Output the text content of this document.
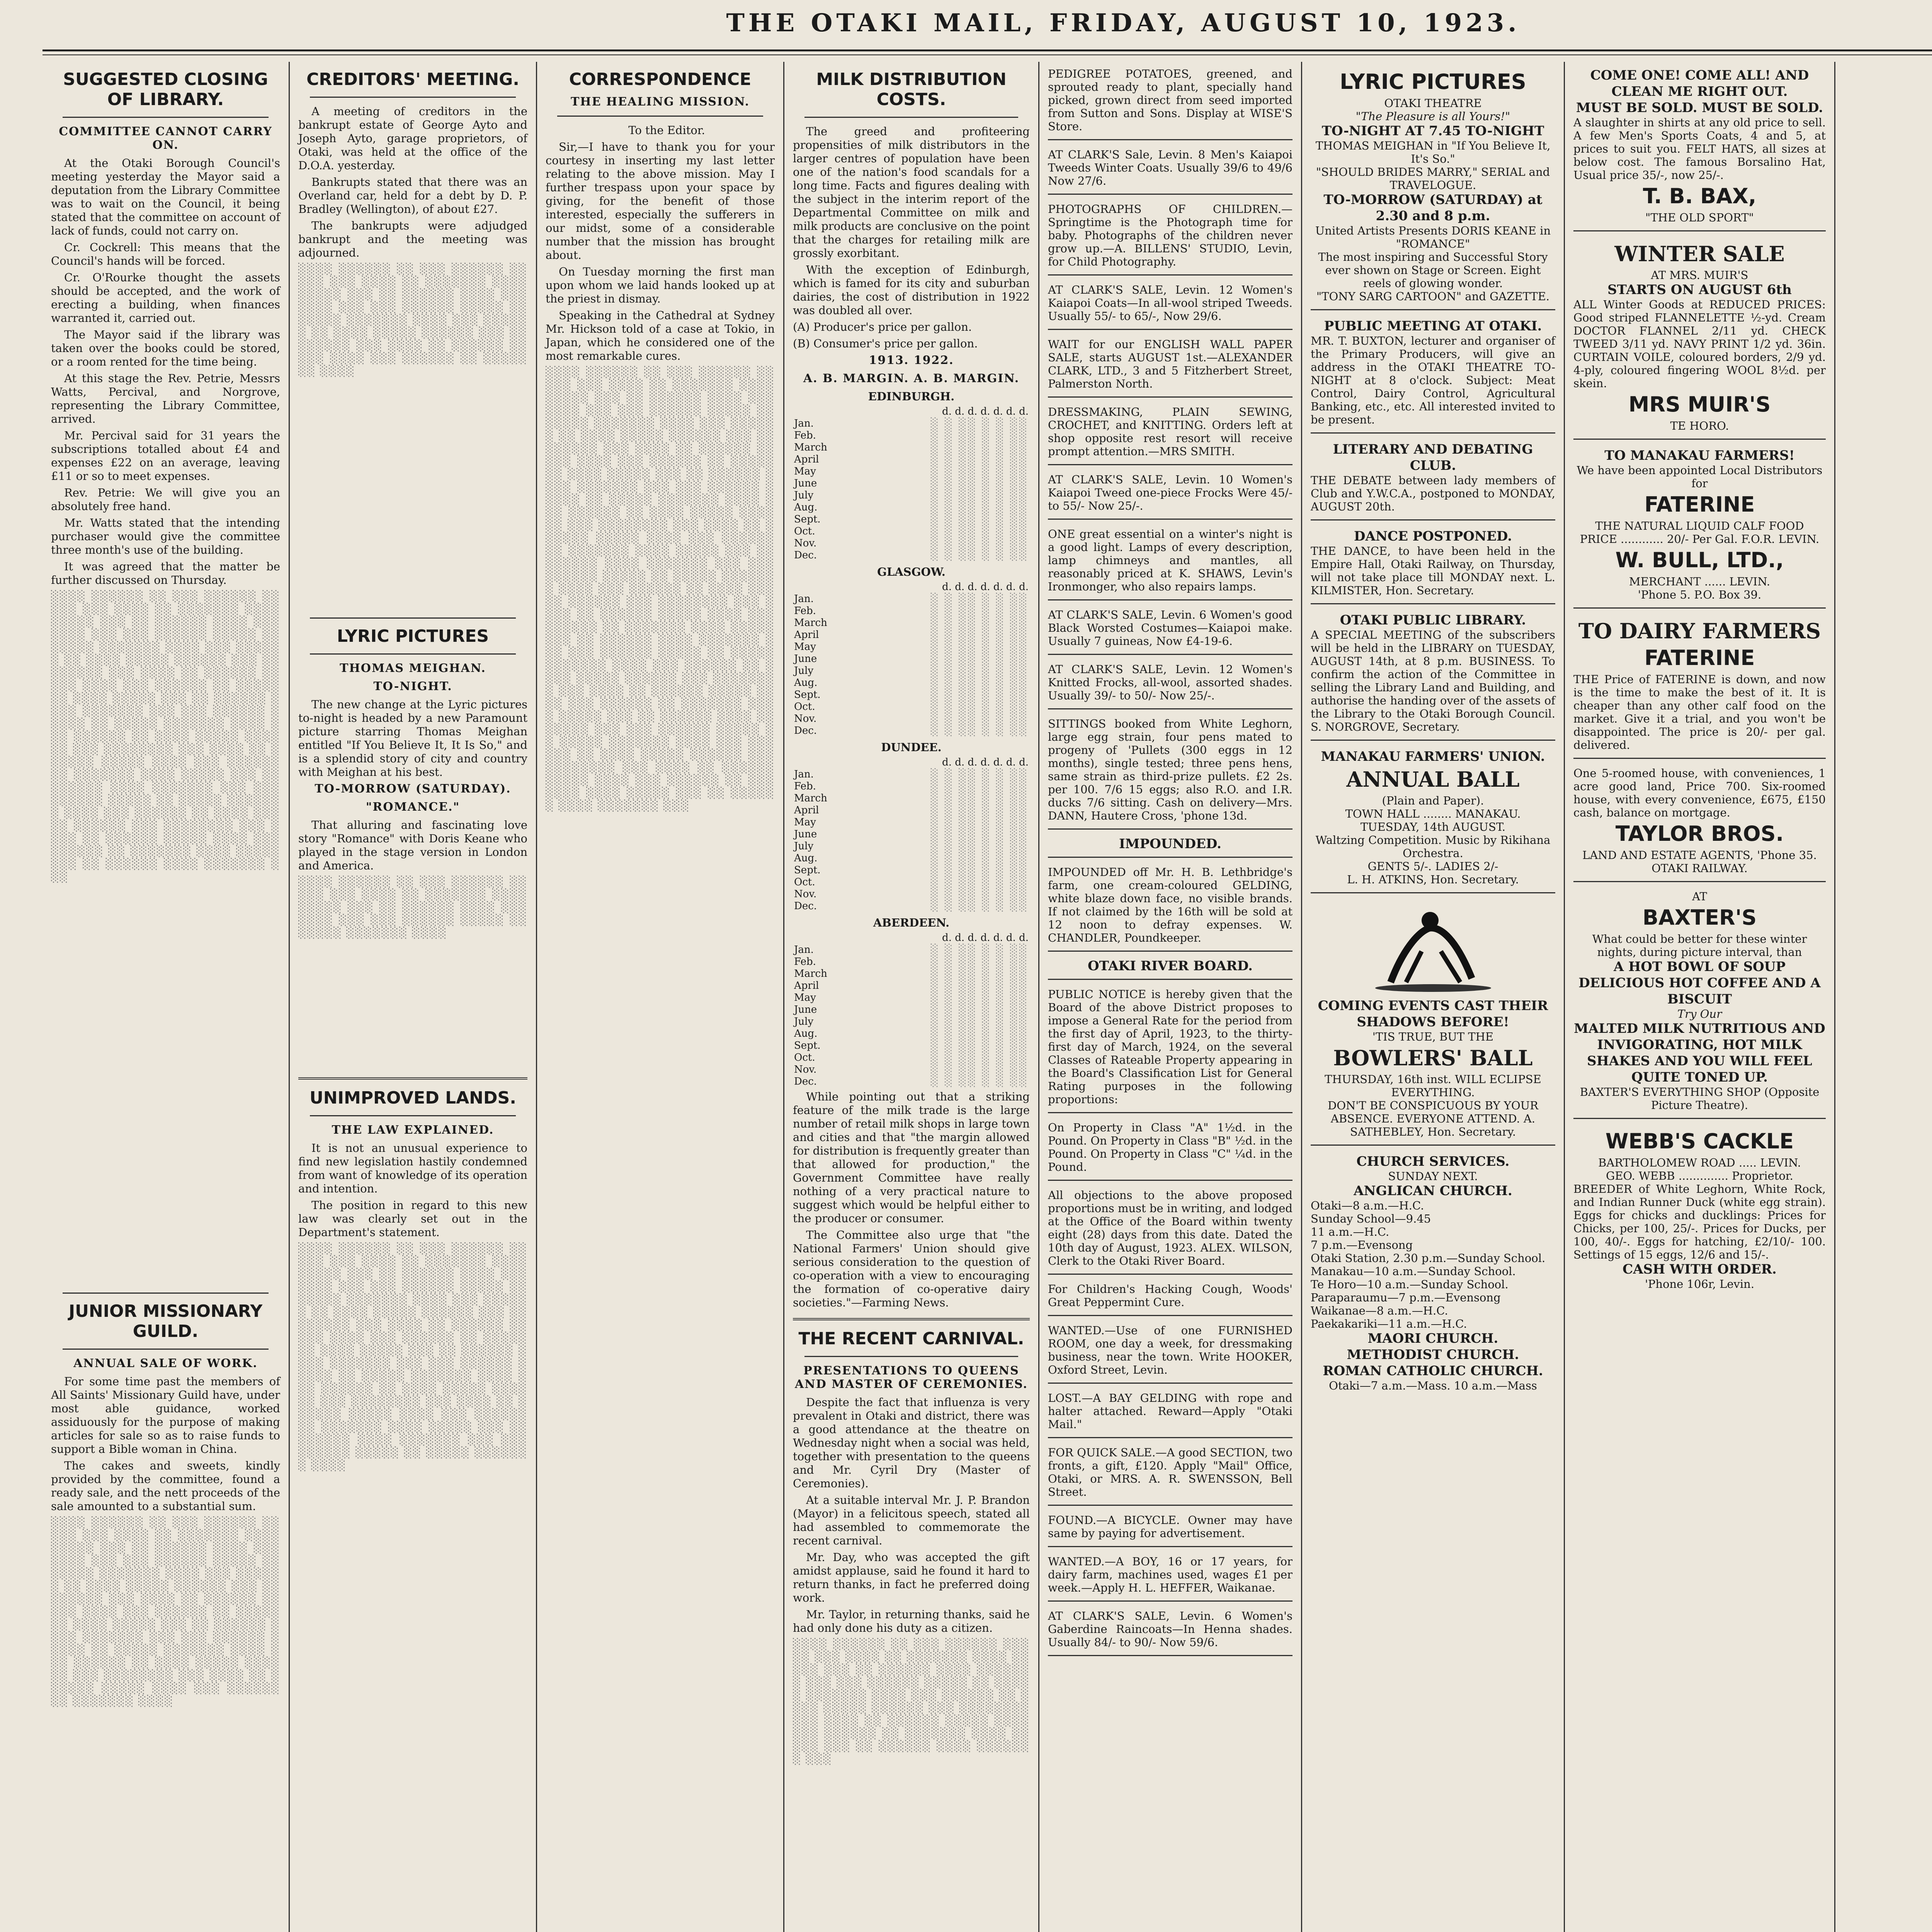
THE OTAKI MAIL, FRIDAY, AUGUST 10, 1923.
SUGGESTED CLOSING OF LIBRARY.
COMMITTEE CANNOT CARRY ON.

At the Otaki Borough Council's meeting yesterday the Mayor said a deputation from the Library Committee was to wait on the Council, it being stated that the committee on account of lack of funds, could not carry on.

Cr. Cockrell: This means that the Council's hands will be forced.

Cr. O'Rourke thought the assets should be accepted, and the work of erecting a building, when finances warranted it, carried out.

The Mayor said if the library was taken over the books could be stored, or a room rented for the time being.

At this stage the Rev. Petrie, Messrs Watts, Percival, and Norgrove, representing the Library Committee, arrived.

Mr. Percival said for 31 years the subscriptions totalled about £4 and expenses £22 on an average, leaving £11 or so to meet expenses.

Rev. Petrie: We will give you an absolutely free hand.

Mr. Watts stated that the intending purchaser would give the committee three month's use of the building.

It was agreed that the matter be further discussed on Thursday.

░░░░ ░░░░░░ ░░ ░░░ ░░░░░░ ░░░░░ ░░░ ░░░░ ░░ ░░░░░░░ ░░░░ ░░░░░ ░░░ ░░ ░░░░░░ ░░░░ ░░░░░░░ ░░░ ░░░ ░░░░░░ ░░░░░ ░░ ░░░░░ ░░░░░░░ ░░░░ ░░░ ░░░░░░ ░░ ░░░░ ░░░░░ ░░░░░░ ░░░ ░░░░░░░░ ░░░ ░░░░ ░░ ░░░░░░ ░░░░░ ░░░░ ░░░ ░░░░░░ ░░ ░░░░░░░ ░░░░ ░░░░░ ░░░ ░░ ░░░░░░ ░░░░ ░░░░░░░ ░░░ ░░░ ░░░░░░ ░░░░░ ░░ ░░░░░ ░░░░░░░ ░░░░ ░░░ ░░░░░░ ░░ ░░░░ ░░░░░ ░░░░░░ ░░░ ░░░░░░░░ ░░░ ░░░░ ░░ ░░░░░░ ░░░░░ ░░░░ ░░░ ░░░░░░ ░░ ░░░░░░░ ░░░░ ░░░░░ ░░░ ░░ ░░░░░░ ░░░░ ░░░░░░░ ░░░ ░░░ ░░░░░░ ░░░░░ ░░ ░░░░░ ░░░░░░░ ░░░░ ░░░ ░░░░░░ ░░ ░░░░ ░░░░░ ░░░░░░ ░░░ ░░░░░░░░ ░░░ ░░░░ ░░ ░░░░░░ ░░░░░ ░░░░ ░░░ ░░░░░░ ░░ ░░░░░░░ ░░░░ ░░░░░ ░░░ ░░ ░░░░░░ ░░░░ ░░░░░░░ ░░░
JUNIOR MISSIONARY GUILD.
ANNUAL SALE OF WORK.

For some time past the members of All Saints' Missionary Guild have, under most able guidance, worked assiduously for the purpose of making articles for sale so as to raise funds to support a Bible woman in China.

The cakes and sweets, kindly provided by the committee, found a ready sale, and the nett proceeds of the sale amounted to a substantial sum.

░░░░ ░░░░░░ ░░ ░░░ ░░░░░░ ░░░░░ ░░░ ░░░░ ░░ ░░░░░░░ ░░░░ ░░░░░ ░░░ ░░ ░░░░░░ ░░░░ ░░░░░░░ ░░░ ░░░ ░░░░░░ ░░░░░ ░░ ░░░░░ ░░░░░░░ ░░░░ ░░░ ░░░░░░ ░░ ░░░░ ░░░░░ ░░░░░░ ░░░ ░░░░░░░░ ░░░ ░░░░ ░░ ░░░░░░ ░░░░░ ░░░░ ░░░ ░░░░░░ ░░ ░░░░░░░ ░░░░ ░░░░░ ░░░ ░░ ░░░░░░ ░░░░ ░░░░░░░ ░░░ ░░░ ░░░░░░ ░░░░░ ░░ ░░░░░ ░░░░░░░ ░░░░ ░░░ ░░░░░░ ░░ ░░░░ ░░░░░ ░░░░░░ ░░░ ░░░░░░░░ ░░░ ░░░░ ░░ ░░░░░░ ░░░░░ ░░░░ ░░░ ░░░░░░ ░░ ░░░░░░░ ░░░░

CREDITORS' MEETING.

A meeting of creditors in the bankrupt estate of George Ayto and Joseph Ayto, garage proprietors, of Otaki, was held at the office of the D.O.A. yesterday.

Bankrupts stated that there was an Overland car, held for a debt by D. P. Bradley (Wellington), of about £27.

The bankrupts were adjudged bankrupt and the meeting was adjourned.

░░░░ ░░░░░░ ░░ ░░░ ░░░░░░ ░░░░░ ░░░ ░░░░ ░░ ░░░░░░░ ░░░░ ░░░░░ ░░░ ░░ ░░░░░░ ░░░░ ░░░░░░░ ░░░ ░░░ ░░░░░░ ░░░░░ ░░ ░░░░░ ░░░░░░░ ░░░░ ░░░ ░░░░░░ ░░ ░░░░ ░░░░░ ░░░░░░ ░░░ ░░░░░░░░ ░░░ ░░░░ ░░ ░░░░░░ ░░░░░ ░░░░ ░░░ ░░░░░░ ░░ ░░░░░░░ ░░░░
LYRIC PICTURES
THOMAS MEIGHAN.
TO-NIGHT.

The new change at the Lyric pictures to-night is headed by a new Paramount picture starring Thomas Meighan entitled "If You Believe It, It Is So," and is a splendid story of city and country with Meighan at his best.

TO-MORROW (SATURDAY).
"ROMANCE."

That alluring and fascinating love story "Romance" with Doris Keane who played in the stage version in London and America.

░░░░ ░░░░░░ ░░ ░░░ ░░░░░░ ░░░░░ ░░░ ░░░░ ░░ ░░░░░░░ ░░░░ ░░░░░ ░░░ ░░ ░░░░░░ ░░░░ ░░░░░░░ ░░░ ░░░ ░░░░░░ ░░░░░ ░░ ░░░░░ ░░░░░░░ ░░░░
UNIMPROVED LANDS.
THE LAW EXPLAINED.

It is not an unusual experience to find new legislation hastily condemned from want of knowledge of its operation and intention.

The position in regard to this new law was clearly set out in the Department's statement.

░░░░ ░░░░░░ ░░ ░░░ ░░░░░░ ░░░░░ ░░░ ░░░░ ░░ ░░░░░░░ ░░░░ ░░░░░ ░░░ ░░ ░░░░░░ ░░░░ ░░░░░░░ ░░░ ░░░ ░░░░░░ ░░░░░ ░░ ░░░░░ ░░░░░░░ ░░░░ ░░░ ░░░░░░ ░░ ░░░░ ░░░░░ ░░░░░░ ░░░ ░░░░░░░░ ░░░ ░░░░ ░░ ░░░░░░ ░░░░░ ░░░░ ░░░ ░░░░░░ ░░ ░░░░░░░ ░░░░ ░░░░░ ░░░ ░░ ░░░░░░ ░░░░ ░░░░░░░ ░░░ ░░░ ░░░░░░ ░░░░░ ░░ ░░░░░ ░░░░░░░ ░░░░ ░░░ ░░░░░░ ░░ ░░░░ ░░░░░ ░░░░░░ ░░░ ░░░░░░░░ ░░░ ░░░░ ░░ ░░░░░░ ░░░░░ ░░░░ ░░░ ░░░░░░ ░░ ░░░░░░░ ░░░░ ░░░░░ ░░░ ░░ ░░░░░░ ░░░░ ░░░░░░░ ░░░ ░░░ ░░░░░░ ░░░░░ ░░ ░░░░░ ░░░░░░░ ░░░░

CORRESPONDENCE
THE HEALING MISSION.

To the Editor.

Sir,—I have to thank you for your courtesy in inserting my last letter relating to the above mission. May I further trespass upon your space by giving, for the benefit of those interested, especially the sufferers in our midst, some of a considerable number that the mission has brought about.

On Tuesday morning the first man upon whom we laid hands looked up at the priest in dismay.

Speaking in the Cathedral at Sydney Mr. Hickson told of a case at Tokio, in Japan, which he considered one of the most remarkable cures.

░░░░ ░░░░░░ ░░ ░░░ ░░░░░░ ░░░░░ ░░░ ░░░░ ░░ ░░░░░░░ ░░░░ ░░░░░ ░░░ ░░ ░░░░░░ ░░░░ ░░░░░░░ ░░░ ░░░ ░░░░░░ ░░░░░ ░░ ░░░░░ ░░░░░░░ ░░░░ ░░░ ░░░░░░ ░░ ░░░░ ░░░░░ ░░░░░░ ░░░ ░░░░░░░░ ░░░ ░░░░ ░░ ░░░░░░ ░░░░░ ░░░░ ░░░ ░░░░░░ ░░ ░░░░░░░ ░░░░ ░░░░░ ░░░ ░░ ░░░░░░ ░░░░ ░░░░░░░ ░░░ ░░░ ░░░░░░ ░░░░░ ░░ ░░░░░ ░░░░░░░ ░░░░ ░░░ ░░░░░░ ░░ ░░░░ ░░░░░ ░░░░░░ ░░░ ░░░░░░░░ ░░░ ░░░░ ░░ ░░░░░░ ░░░░░ ░░░░ ░░░ ░░░░░░ ░░ ░░░░░░░ ░░░░ ░░░░░ ░░░ ░░ ░░░░░░ ░░░░ ░░░░░░░ ░░░ ░░░ ░░░░░░ ░░░░░ ░░ ░░░░░ ░░░░░░░ ░░░░ ░░░ ░░░░░░ ░░ ░░░░ ░░░░░ ░░░░░░ ░░░ ░░░░░░░░ ░░░ ░░░░ ░░ ░░░░░░ ░░░░░ ░░░░ ░░░ ░░░░░░ ░░ ░░░░░░░ ░░░░ ░░░░░ ░░░ ░░ ░░░░░░ ░░░░ ░░░░░░░ ░░░ ░░░ ░░░░░░ ░░░░░ ░░ ░░░░░ ░░░░░░░ ░░░░ ░░░ ░░░░░░ ░░ ░░░░ ░░░░░ ░░░░░░ ░░░ ░░░░░░░░ ░░░ ░░░░ ░░ ░░░░░░ ░░░░░ ░░░░ ░░░ ░░░░░░ ░░ ░░░░░░░ ░░░░ ░░░░░ ░░░ ░░ ░░░░░░ ░░░░ ░░░░░░░ ░░░ ░░░ ░░░░░░ ░░░░░ ░░ ░░░░░ ░░░░░░░ ░░░░ ░░░ ░░░░░░ ░░ ░░░░ ░░░░░ ░░░░░░ ░░░ ░░░░░░░░ ░░░ ░░░░ ░░ ░░░░░░ ░░░░░ ░░░░ ░░░ ░░░░░░ ░░ ░░░░░░░ ░░░░ ░░░░░ ░░░ ░░ ░░░░░░ ░░░░ ░░░░░░░ ░░░

MILK DISTRIBUTION COSTS.

The greed and profiteering propensities of milk distributors in the larger centres of population have been one of the nation's food scandals for a long time. Facts and figures dealing with the subject in the interim report of the Departmental Committee on milk and milk products are conclusive on the point that the charges for retailing milk are grossly exorbitant.

With the exception of Edinburgh, which is famed for its city and suburban dairies, the cost of distribution in 1922 was doubled all over.

(A) Producer's price per gallon.

(B) Consumer's price per gallon.

1913. 1922.
A. B. MARGIN. A. B. MARGIN.
EDINBURGH.
d. d. d. d. d. d. d.	
Jan.	░ ░ ░░ ░ ░ ░░
Feb.	░ ░ ░░ ░ ░ ░░
March	░ ░ ░░ ░ ░ ░░
April	░ ░ ░░ ░ ░ ░░
May	░ ░ ░░ ░ ░ ░░
June	░ ░ ░░ ░ ░ ░░
July	░ ░ ░░ ░ ░ ░░
Aug.	░ ░ ░░ ░ ░ ░░
Sept.	░ ░ ░░ ░ ░ ░░
Oct.	░ ░ ░░ ░ ░ ░░
Nov.	░ ░ ░░ ░ ░ ░░
Dec.	░ ░ ░░ ░ ░ ░░
GLASGOW.
d. d. d. d. d. d. d.	
Jan.	░ ░ ░░ ░ ░ ░░
Feb.	░ ░ ░░ ░ ░ ░░
March	░ ░ ░░ ░ ░ ░░
April	░ ░ ░░ ░ ░ ░░
May	░ ░ ░░ ░ ░ ░░
June	░ ░ ░░ ░ ░ ░░
July	░ ░ ░░ ░ ░ ░░
Aug.	░ ░ ░░ ░ ░ ░░
Sept.	░ ░ ░░ ░ ░ ░░
Oct.	░ ░ ░░ ░ ░ ░░
Nov.	░ ░ ░░ ░ ░ ░░
Dec.	░ ░ ░░ ░ ░ ░░
DUNDEE.
d. d. d. d. d. d. d.	
Jan.	░ ░ ░░ ░ ░ ░░
Feb.	░ ░ ░░ ░ ░ ░░
March	░ ░ ░░ ░ ░ ░░
April	░ ░ ░░ ░ ░ ░░
May	░ ░ ░░ ░ ░ ░░
June	░ ░ ░░ ░ ░ ░░
July	░ ░ ░░ ░ ░ ░░
Aug.	░ ░ ░░ ░ ░ ░░
Sept.	░ ░ ░░ ░ ░ ░░
Oct.	░ ░ ░░ ░ ░ ░░
Nov.	░ ░ ░░ ░ ░ ░░
Dec.	░ ░ ░░ ░ ░ ░░
ABERDEEN.
d. d. d. d. d. d. d.	
Jan.	░ ░ ░░ ░ ░ ░░
Feb.	░ ░ ░░ ░ ░ ░░
March	░ ░ ░░ ░ ░ ░░
April	░ ░ ░░ ░ ░ ░░
May	░ ░ ░░ ░ ░ ░░
June	░ ░ ░░ ░ ░ ░░
July	░ ░ ░░ ░ ░ ░░
Aug.	░ ░ ░░ ░ ░ ░░
Sept.	░ ░ ░░ ░ ░ ░░
Oct.	░ ░ ░░ ░ ░ ░░
Nov.	░ ░ ░░ ░ ░ ░░
Dec.	░ ░ ░░ ░ ░ ░░

While pointing out that a striking feature of the milk trade is the large number of retail milk shops in large town and cities and that "the margin allowed for distribution is frequently greater than that allowed for production," the Government Committee have really nothing of a very practical nature to suggest which would be helpful either to the producer or consumer.

The Committee also urge that "the National Farmers' Union should give serious consideration to the question of co-operation with a view to encouraging the formation of co-operative dairy societies."—Farming News.

THE RECENT CARNIVAL.
PRESENTATIONS TO QUEENS AND MASTER OF CEREMONIES.

Despite the fact that influenza is very prevalent in Otaki and district, there was a good attendance at the theatre on Wednesday night when a social was held, together with presentation to the queens and Mr. Cyril Dry (Master of Ceremonies).

At a suitable interval Mr. J. P. Brandon (Mayor) in a felicitous speech, stated all had assembled to commemorate the recent carnival.

Mr. Day, who was accepted the gift amidst applause, said he found it hard to return thanks, in fact he preferred doing work.

Mr. Taylor, in returning thanks, said he had only done his duty as a citizen.

░░░░ ░░░░░░ ░░ ░░░ ░░░░░░ ░░░░░ ░░░ ░░░░ ░░ ░░░░░░░ ░░░░ ░░░░░ ░░░ ░░ ░░░░░░ ░░░░ ░░░░░░░ ░░░ ░░░ ░░░░░░ ░░░░░ ░░ ░░░░░ ░░░░░░░ ░░░░ ░░░ ░░░░░░ ░░ ░░░░ ░░░░░ ░░░░░░ ░░░ ░░░░░░░░ ░░░ ░░░░ ░░ ░░░░░░ ░░░░░ ░░░░ ░░░ ░░░░░░ ░░ ░░░░░░░ ░░░░ ░░░░░ ░░░ ░░ ░░░░░░ ░░░░ ░░░░░░░ ░░░

PEDIGREE POTATOES, greened, and sprouted ready to plant, specially hand picked, grown direct from seed imported from Sutton and Sons. Display at WISE'S Store.
AT CLARK'S Sale, Levin. 8 Men's Kaiapoi Tweeds Winter Coats. Usually 39/6 to 49/6 Now 27/6.
PHOTOGRAPHS OF CHILDREN.—Springtime is the Photograph time for baby. Photographs of the children never grow up.—A. BILLENS' STUDIO, Levin, for Child Photography.
AT CLARK'S SALE, Levin. 12 Women's Kaiapoi Coats—In all-wool striped Tweeds. Usually 55/- to 65/-, Now 29/6.
WAIT for our ENGLISH WALL PAPER SALE, starts AUGUST 1st.—ALEXANDER CLARK, LTD., 3 and 5 Fitzherbert Street, Palmerston North.
DRESSMAKING, PLAIN SEWING, CROCHET, and KNITTING. Orders left at shop opposite rest resort will receive prompt attention.—MRS SMITH.
AT CLARK'S SALE, Levin. 10 Women's Kaiapoi Tweed one-piece Frocks Were 45/- to 55/- Now 25/-.
ONE great essential on a winter's night is a good light. Lamps of every description, lamp chimneys and mantles, all reasonably priced at K. SHAWS, Levin's Ironmonger, who also repairs lamps.
AT CLARK'S SALE, Levin. 6 Women's good Black Worsted Costumes—Kaiapoi make. Usually 7 guineas, Now £4-19-6.
AT CLARK'S SALE, Levin. 12 Women's Knitted Frocks, all-wool, assorted shades. Usually 39/- to 50/- Now 25/-.
SITTINGS booked from White Leghorn, large egg strain, four pens mated to progeny of 'Pullets (300 eggs in 12 months), single tested; three pens hens, same strain as third-prize pullets. £2 2s. per 100. 7/6 15 eggs; also R.O. and I.R. ducks 7/6 sitting. Cash on delivery—Mrs. DANN, Hautere Cross, 'phone 13d.
IMPOUNDED.
IMPOUNDED off Mr. H. B. Lethbridge's farm, one cream-coloured GELDING, white blaze down face, no visible brands. If not claimed by the 16th will be sold at 12 noon to defray expenses. W. CHANDLER, Poundkeeper.
OTAKI RIVER BOARD.
PUBLIC NOTICE is hereby given that the Board of the above District proposes to impose a General Rate for the period from the first day of April, 1923, to the thirty-first day of March, 1924, on the several Classes of Rateable Property appearing in the Board's Classification List for General Rating purposes in the following proportions:
On Property in Class "A" 1½d. in the Pound. On Property in Class "B" ½d. in the Pound. On Property in Class "C" ¼d. in the Pound.
All objections to the above proposed proportions must be in writing, and lodged at the Office of the Board within twenty eight (28) days from this date. Dated the 10th day of August, 1923. ALEX. WILSON, Clerk to the Otaki River Board.
For Children's Hacking Cough, Woods' Great Peppermint Cure.
WANTED.—Use of one FURNISHED ROOM, one day a week, for dressmaking business, near the town. Write HOOKER, Oxford Street, Levin.
LOST.—A BAY GELDING with rope and halter attached. Reward—Apply "Otaki Mail."
FOR QUICK SALE.—A good SECTION, two fronts, a gift, £120. Apply "Mail" Office, Otaki, or MRS. A. R. SWENSSON, Bell Street.
FOUND.—A BICYCLE. Owner may have same by paying for advertisement.
WANTED.—A BOY, 16 or 17 years, for dairy farm, machines used, wages £1 per week.—Apply H. L. HEFFER, Waikanae.
AT CLARK'S SALE, Levin. 6 Women's Gaberdine Raincoats—In Henna shades. Usually 84/- to 90/- Now 59/6.
LYRIC PICTURES
OTAKI THEATRE
"The Pleasure is all Yours!"
TO-NIGHT AT 7.45 TO-NIGHT
THOMAS MEIGHAN in "If You Believe It, It's So."
"SHOULD BRIDES MARRY," SERIAL and TRAVELOGUE.
TO-MORROW (SATURDAY) at 2.30 and 8 p.m.
United Artists Presents DORIS KEANE in "ROMANCE"
The most inspiring and Successful Story ever shown on Stage or Screen. Eight reels of glowing wonder.
"TONY SARG CARTOON" and GAZETTE.
PUBLIC MEETING AT OTAKI.
MR. T. BUXTON, lecturer and organiser of the Primary Producers, will give an address in the OTAKI THEATRE TO-NIGHT at 8 o'clock. Subject: Meat Control, Dairy Control, Agricultural Banking, etc., etc. All interested invited to be present.
LITERARY AND DEBATING CLUB.
THE DEBATE between lady members of Club and Y.W.C.A., postponed to MONDAY, AUGUST 20th.
DANCE POSTPONED.
THE DANCE, to have been held in the Empire Hall, Otaki Railway, on Thursday, will not take place till MONDAY next. L. KILMISTER, Hon. Secretary.
OTAKI PUBLIC LIBRARY.
A SPECIAL MEETING of the subscribers will be held in the LIBRARY on TUESDAY, AUGUST 14th, at 8 p.m. BUSINESS. To confirm the action of the Committee in selling the Library Land and Building, and authorise the handing over of the assets of the Library to the Otaki Borough Council. S. NORGROVE, Secretary.
MANAKAU FARMERS' UNION.
ANNUAL BALL
(Plain and Paper).
TOWN HALL ........ MANAKAU.
TUESDAY, 14th AUGUST.
Waltzing Competition. Music by Rikihana Orchestra.
GENTS 5/-. LADIES 2/-
L. H. ATKINS, Hon. Secretary.
COMING EVENTS CAST THEIR SHADOWS BEFORE!
'TIS TRUE, BUT THE
BOWLERS' BALL
THURSDAY, 16th inst. WILL ECLIPSE EVERYTHING.
DON'T BE CONSPICUOUS BY YOUR ABSENCE. EVERYONE ATTEND. A. SATHEBLEY, Hon. Secretary.
CHURCH SERVICES.
SUNDAY NEXT.
ANGLICAN CHURCH.
Otaki—8 a.m.—H.C.
Sunday School—9.45
11 a.m.—H.C.
7 p.m.—Evensong
Otaki Station, 2.30 p.m.—Sunday School.
Manakau—10 a.m.—Sunday School.
Te Horo—10 a.m.—Sunday School.
Paraparaumu—7 p.m.—Evensong
Waikanae—8 a.m.—H.C.
Paekakariki—11 a.m.—H.C.
MAORI CHURCH.
METHODIST CHURCH.
ROMAN CATHOLIC CHURCH.
Otaki—7 a.m.—Mass. 10 a.m.—Mass
COME ONE! COME ALL! AND CLEAN ME RIGHT OUT.
MUST BE SOLD. MUST BE SOLD.
A slaughter in shirts at any old price to sell. A few Men's Sports Coats, 4 and 5, at prices to suit you. FELT HATS, all sizes at below cost. The famous Borsalino Hat, Usual price 35/-, now 25/-.
T. B. BAX,
"THE OLD SPORT"
WINTER SALE
AT MRS. MUIR'S
STARTS ON AUGUST 6th
ALL Winter Goods at REDUCED PRICES: Good striped FLANNELETTE ½-yd. Cream DOCTOR FLANNEL 2/11 yd. CHECK TWEED 3/11 yd. NAVY PRINT 1/2 yd. 36in. CURTAIN VOILE, coloured borders, 2/9 yd. 4-ply, coloured fingering WOOL 8½d. per skein.
MRS MUIR'S
TE HORO.
TO MANAKAU FARMERS!
We have been appointed Local Distributors for
FATERINE
THE NATURAL LIQUID CALF FOOD
PRICE ............ 20/- Per Gal. F.O.R. LEVIN.
W. BULL, LTD.,
MERCHANT ...... LEVIN.
'Phone 5. P.O. Box 39.
TO DAIRY FARMERS
FATERINE
THE Price of FATERINE is down, and now is the time to make the best of it. It is cheaper than any other calf food on the market. Give it a trial, and you won't be disappointed. The price is 20/- per gal. delivered.
One 5-roomed house, with conveniences, 1 acre good land, Price 700. Six-roomed house, with every convenience, £675, £150 cash, balance on mortgage.
TAYLOR BROS.
LAND AND ESTATE AGENTS, 'Phone 35. OTAKI RAILWAY.
AT
BAXTER'S
What could be better for these winter nights, during picture interval, than
A HOT BOWL OF SOUP DELICIOUS HOT COFFEE AND A BISCUIT
Try Our
MALTED MILK NUTRITIOUS AND INVIGORATING, HOT MILK SHAKES AND YOU WILL FEEL QUITE TONED UP.
BAXTER'S EVERYTHING SHOP (Opposite Picture Theatre).
WEBB'S CACKLE
BARTHOLOMEW ROAD ..... LEVIN.
GEO. WEBB .............. Proprietor.
BREEDER of White Leghorn, White Rock, and Indian Runner Duck (white egg strain). Eggs for chicks and ducklings: Prices for Chicks, per 100, 25/-. Prices for Ducks, per 100, 40/-. Eggs for hatching, £2/10/- 100. Settings of 15 eggs, 12/6 and 15/-.
CASH WITH ORDER.
'Phone 106r, Levin.
